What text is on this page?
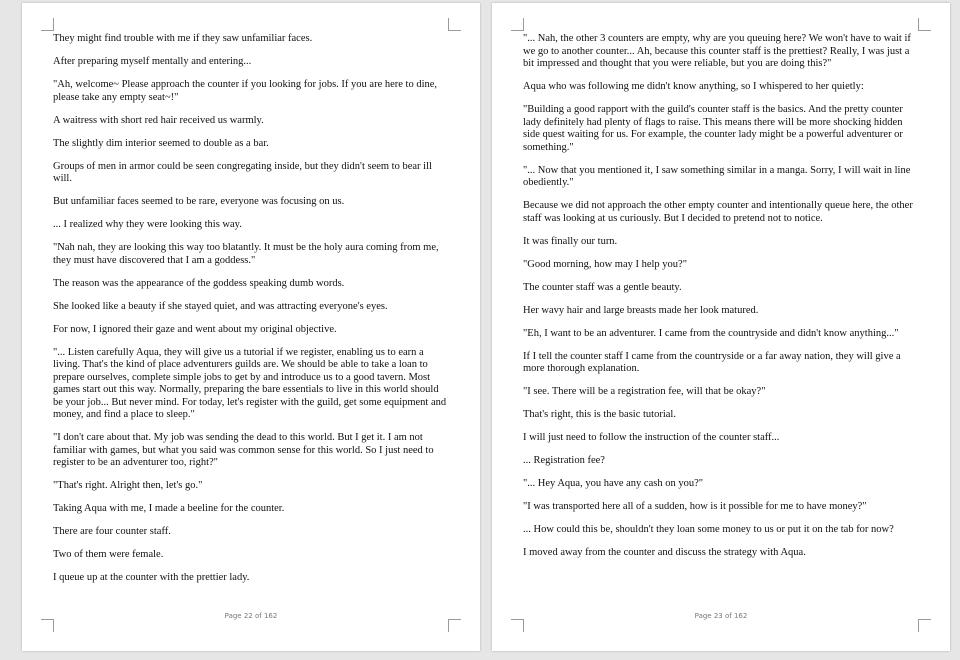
They might find trouble with me if they saw unfamiliar faces.

After preparing myself mentally and entering...

"Ah, welcome~ Please approach the counter if you looking for jobs. If you are here to dine, please take any empty seat~!"

A waitress with short red hair received us warmly.

The slightly dim interior seemed to double as a bar.

Groups of men in armor could be seen congregating inside, but they didn't seem to bear ill will.

But unfamiliar faces seemed to be rare, everyone was focusing on us.

... I realized why they were looking this way.

"Nah nah, they are looking this way too blatantly. It must be the holy aura coming from me, they must have discovered that I am a goddess."

The reason was the appearance of the goddess speaking dumb words.

She looked like a beauty if she stayed quiet, and was attracting everyone's eyes.

For now, I ignored their gaze and went about my original objective.

"... Listen carefully Aqua, they will give us a tutorial if we register, enabling us to earn a living. That's the kind of place adventurers guilds are. We should be able to take a loan to prepare ourselves, complete simple jobs to get by and introduce us to a good tavern. Most games start out this way. Normally, preparing the bare essentials to live in this world should be your job... But never mind. For today, let's register with the guild, get some equipment and money, and find a place to sleep."

"I don't care about that. My job was sending the dead to this world. But I get it. I am not familiar with games, but what you said was common sense for this world. So I just need to register to be an adventurer too, right?"

"That's right. Alright then, let's go."

Taking Aqua with me, I made a beeline for the counter.

There are four counter staff.

Two of them were female.

I queue up at the counter with the prettier lady.

Page 22 of 162

"... Nah, the other 3 counters are empty, why are you queuing here? We won't have to wait if we go to another counter... Ah, because this counter staff is the prettiest? Really, I was just a bit impressed and thought that you were reliable, but you are doing this?"

Aqua who was following me didn't know anything, so I whispered to her quietly:

"Building a good rapport with the guild's counter staff is the basics. And the pretty counter lady definitely had plenty of flags to raise. This means there will be more shocking hidden side quest waiting for us. For example, the counter lady might be a powerful adventurer or something."

"... Now that you mentioned it, I saw something similar in a manga. Sorry, I will wait in line obediently."

Because we did not approach the other empty counter and intentionally queue here, the other staff was looking at us curiously. But I decided to pretend not to notice.

It was finally our turn.

"Good morning, how may I help you?"

The counter staff was a gentle beauty.

Her wavy hair and large breasts made her look matured.

"Eh, I want to be an adventurer. I came from the countryside and didn't know anything..."

If I tell the counter staff I came from the countryside or a far away nation, they will give a more thorough explanation.

"I see. There will be a registration fee, will that be okay?"

That's right, this is the basic tutorial.

I will just need to follow the instruction of the counter staff...

... Registration fee?

"... Hey Aqua, you have any cash on you?"

"I was transported here all of a sudden, how is it possible for me to have money?"

... How could this be, shouldn't they loan some money to us or put it on the tab for now?

I moved away from the counter and discuss the strategy with Aqua.

Page 23 of 162
